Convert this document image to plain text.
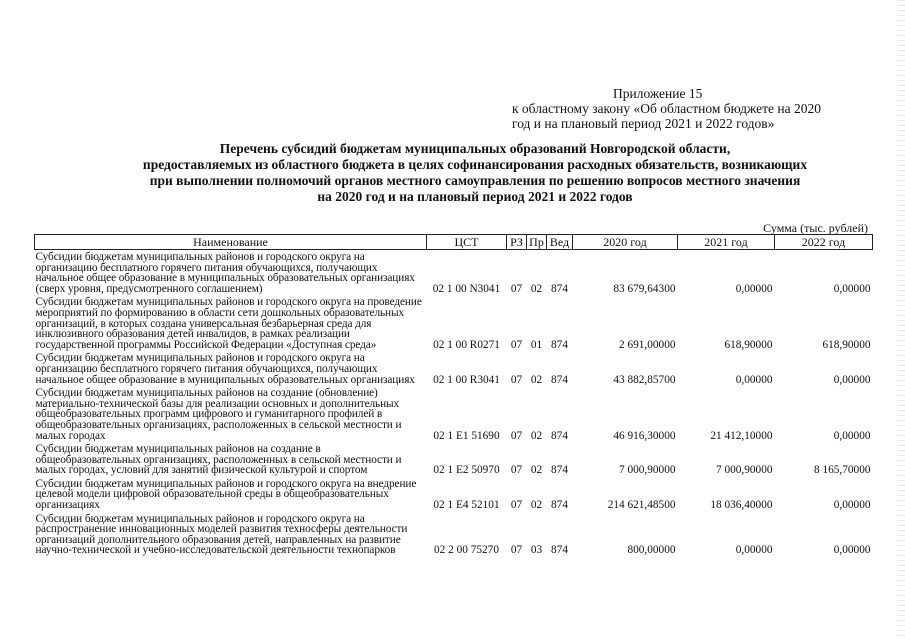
Приложение 15
к областному закону «Об областном бюджете на 2020
год и на плановый период 2021 и 2022 годов»
Перечень субсидий бюджетам муниципальных образований Новгородской области,
предоставляемых из областного бюджета в целях софинансирования расходных обязательств, возникающих
при выполнении полномочий органов местного самоуправления по решению вопросов местного значения
на 2020 год и на плановый период 2021 и 2022 годов
Сумма (тыс. рублей)
Наименование	ЦСТ	РЗ	Пр	Вед	2020 год	2021 год	2022 год
Субсидии бюджетам муниципальных районов и городского округа на организацию бесплатного горячего питания обучающихся, получающих начальное общее образование в муниципальных образовательных организациях (сверх уровня, предусмотренного соглашением)	02 1 00 N3041	07	02	874	83 679,64300	0,00000	0,00000
Субсидии бюджетам муниципальных районов и городского округа на проведение мероприятий по формированию в области сети дошкольных образовательных организаций, в которых создана универсальная безбарьерная среда для инклюзивного образования детей инвалидов, в рамках реализации государственной программы Российской Федерации «Доступная среда»	02 1 00 R0271	07	01	874	2 691,00000	618,90000	618,90000
Субсидии бюджетам муниципальных районов и городского округа на организацию бесплатного горячего питания обучающихся, получающих начальное общее образование в муниципальных образовательных организациях	02 1 00 R3041	07	02	874	43 882,85700	0,00000	0,00000
Субсидии бюджетам муниципальных районов на создание (обновление) материально-технической базы для реализации основных и дополнительных общеобразовательных программ цифрового и гуманитарного профилей в общеобразовательных организациях, расположенных в сельской местности и малых городах	02 1 E1 51690	07	02	874	46 916,30000	21 412,10000	0,00000
Субсидии бюджетам муниципальных районов на создание в общеобразовательных организациях, расположенных в сельской местности и малых городах, условий для занятий физической культурой и спортом	02 1 E2 50970	07	02	874	7 000,90000	7 000,90000	8 165,70000
Субсидии бюджетам муниципальных районов и городского округа на внедрение целевой модели цифровой образовательной среды в общеобразовательных организациях	02 1 E4 52101	07	02	874	214 621,48500	18 036,40000	0,00000
Субсидии бюджетам муниципальных районов и городского округа на распространение инновационных моделей развития техносферы деятельности организаций дополнительного образования детей, направленных на развитие научно-технической и учебно-исследовательской деятельности технопарков	02 2 00 75270	07	03	874	800,00000	0,00000	0,00000
